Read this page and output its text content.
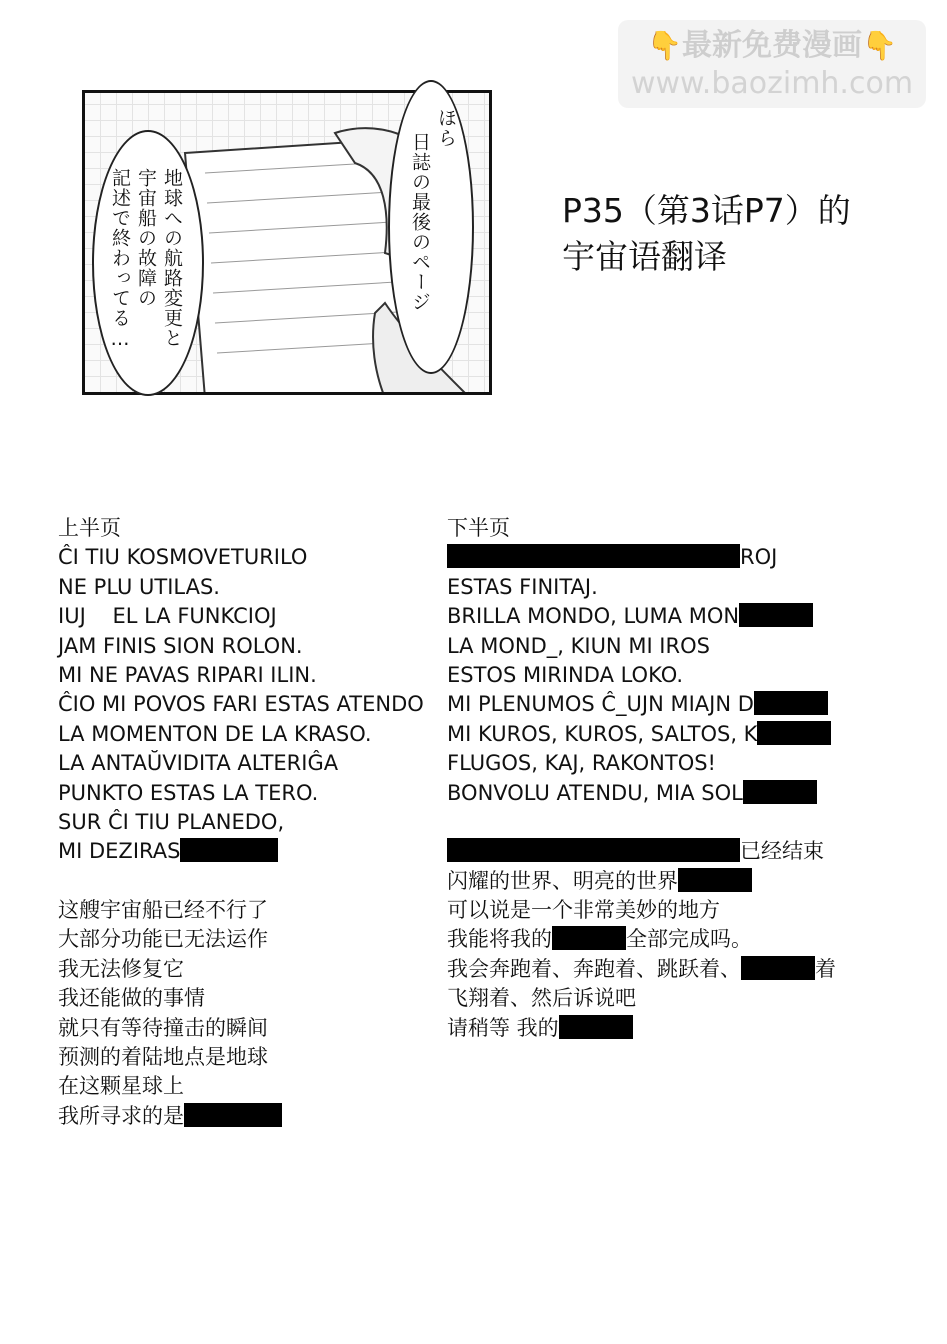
👇最新免费漫画👇
www.baozimh.com
地球への航路変更と
宇宙船の故障の
記述で終わってる…
ほら
日誌の最後のページ	P35（第3话P7）的
宇宙语翻译
上半页
ĈI TIU KOSMOVETURILO
NE PLU UTILAS.
IUJ    EL LA FUNKCIOJ
JAM FINIS SION ROLON.
MI NE PAVAS RIPARI ILIN.
ĈIO MI POVOS FARI ESTAS ATENDO
LA MOMENTON DE LA KRASO.
LA ANTAŬVIDITA ALTERIĜA
PUNKTO ESTAS LA TERO.
SUR ĈI TIU PLANEDO,
MI DEZIRAS
这艘宇宙船已经不行了
大部分功能已无法运作
我无法修复它
我还能做的事情
就只有等待撞击的瞬间
预测的着陆地点是地球
在这颗星球上
我所寻求的是
下半页
ROJ
ESTAS FINITAJ.
BRILLA MONDO, LUMA MON
LA MOND_, KIUN MI IROS
ESTOS MIRINDA LOKO.
MI PLENUMOS Ĉ_UJN MIAJN D
MI KUROS, KUROS, SALTOS, K
FLUGOS, KAJ, RAKONTOS!
BONVOLU ATENDU, MIA SOL
已经结束
闪耀的世界、明亮的世界
可以说是一个非常美妙的地方
我能将我的	全部完成吗。
我会奔跑着、奔跑着、跳跃着、	着
飞翔着、然后诉说吧
请稍等 我的
